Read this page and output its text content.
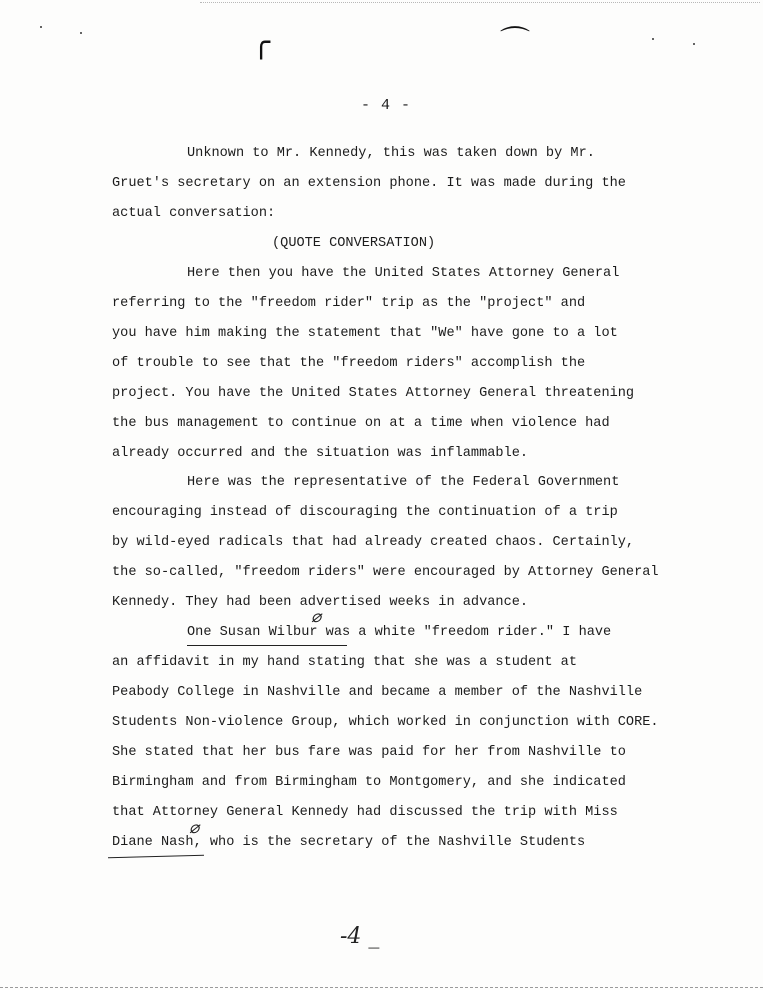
╭	⌒
- 4 -
Unknown to Mr. Kennedy, this was taken down by Mr.
Gruet's secretary on an extension phone. It was made during the
actual conversation:
(QUOTE CONVERSATION)
Here then you have the United States Attorney General
referring to the "freedom rider" trip as the "project" and
you have him making the statement that "We" have gone to a lot
of trouble to see that the "freedom riders" accomplish the
project. You have the United States Attorney General threatening
the bus management to continue on at a time when violence had
already occurred and the situation was inflammable.
Here was the representative of the Federal Government
encouraging instead of discouraging the continuation of a trip
by wild-eyed radicals that had already created chaos. Certainly,
the so-called, "freedom riders" were encouraged by Attorney General
Kennedy. They had been advertised weeks in advance.
One Susan Wilbur was a white "freedom rider." I have
an affidavit in my hand stating that she was a student at
Peabody College in Nashville and became a member of the Nashville
Students Non-violence Group, which worked in conjunction with CORE.
She stated that her bus fare was paid for her from Nashville to
Birmingham and from Birmingham to Montgomery, and she indicated
that Attorney General Kennedy had discussed the trip with Miss
Diane Nash, who is the secretary of the Nashville Students
⌀
⌀
-4 _
